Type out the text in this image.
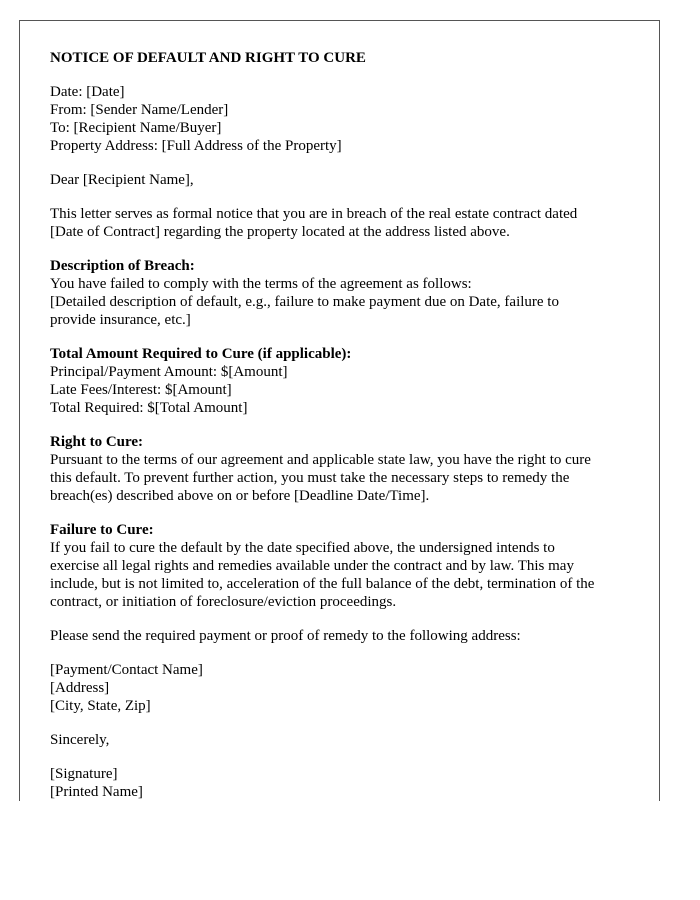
NOTICE OF DEFAULT AND RIGHT TO CURE
Date: [Date]
From: [Sender Name/Lender]
To: [Recipient Name/Buyer]
Property Address: [Full Address of the Property]
Dear [Recipient Name],
This letter serves as formal notice that you are in breach of the real estate contract dated
[Date of Contract] regarding the property located at the address listed above.
Description of Breach:
You have failed to comply with the terms of the agreement as follows:
[Detailed description of default, e.g., failure to make payment due on Date, failure to
provide insurance, etc.]
Total Amount Required to Cure (if applicable):
Principal/Payment Amount: $[Amount]
Late Fees/Interest: $[Amount]
Total Required: $[Total Amount]
Right to Cure:
Pursuant to the terms of our agreement and applicable state law, you have the right to cure
this default. To prevent further action, you must take the necessary steps to remedy the
breach(es) described above on or before [Deadline Date/Time].
Failure to Cure:
If you fail to cure the default by the date specified above, the undersigned intends to
exercise all legal rights and remedies available under the contract and by law. This may
include, but is not limited to, acceleration of the full balance of the debt, termination of the
contract, or initiation of foreclosure/eviction proceedings.
Please send the required payment or proof of remedy to the following address:
[Payment/Contact Name]
[Address]
[City, State, Zip]
Sincerely,
[Signature]
[Printed Name]
